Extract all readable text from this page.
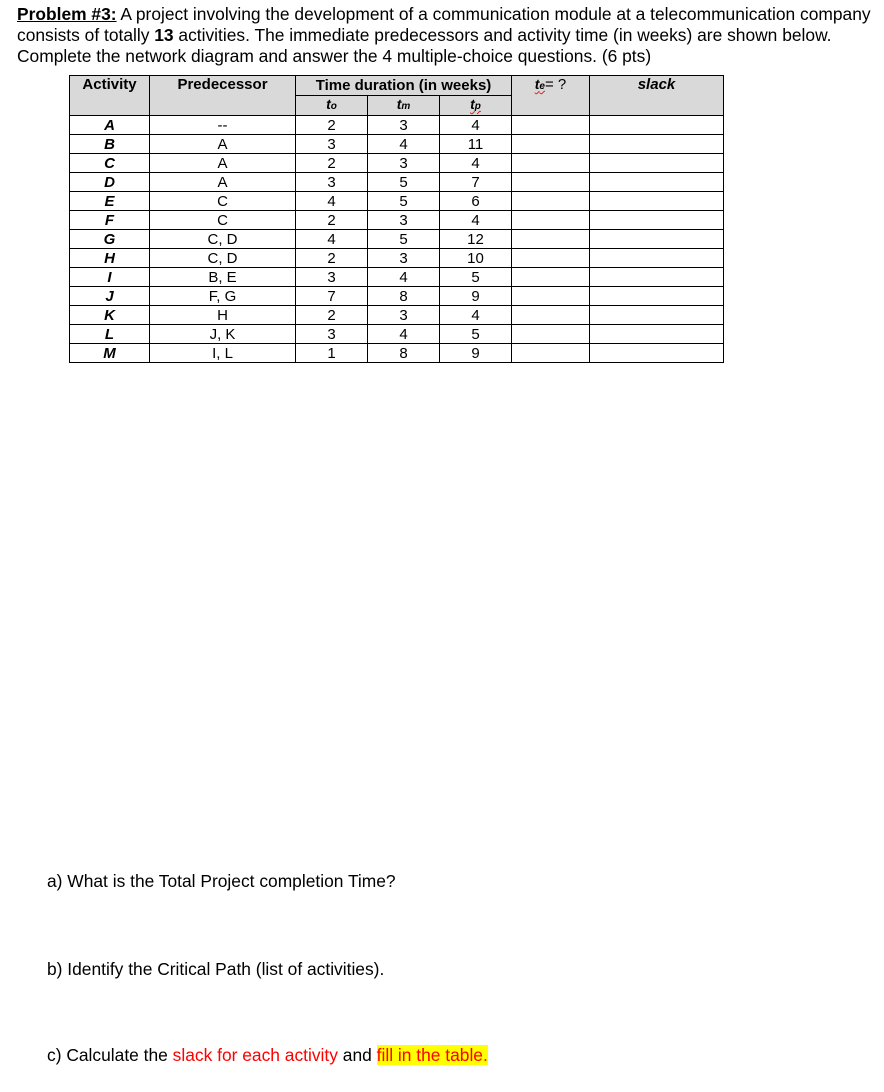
Problem #3: A project involving the development of a communication module at a telecommunication company consists of totally 13 activities. The immediate predecessors and activity time (in weeks) are shown below. Complete the network diagram and answer the 4 multiple-choice questions. (6 pts)
Activity	Predecessor	Time duration (in weeks)			te= ?	slack
		to	tm	tp		
A	--	2	3	4		
B	A	3	4	11		
C	A	2	3	4		
D	A	3	5	7		
E	C	4	5	6		
F	C	2	3	4		
G	C, D	4	5	12		
H	C, D	2	3	10		
I	B, E	3	4	5		
J	F, G	7	8	9		
K	H	2	3	4		
L	J, K	3	4	5		
M	I, L	1	8	9		
a) What is the Total Project completion Time?
b) Identify the Critical Path (list of activities).
c) Calculate the slack for each activity and fill in the table.
